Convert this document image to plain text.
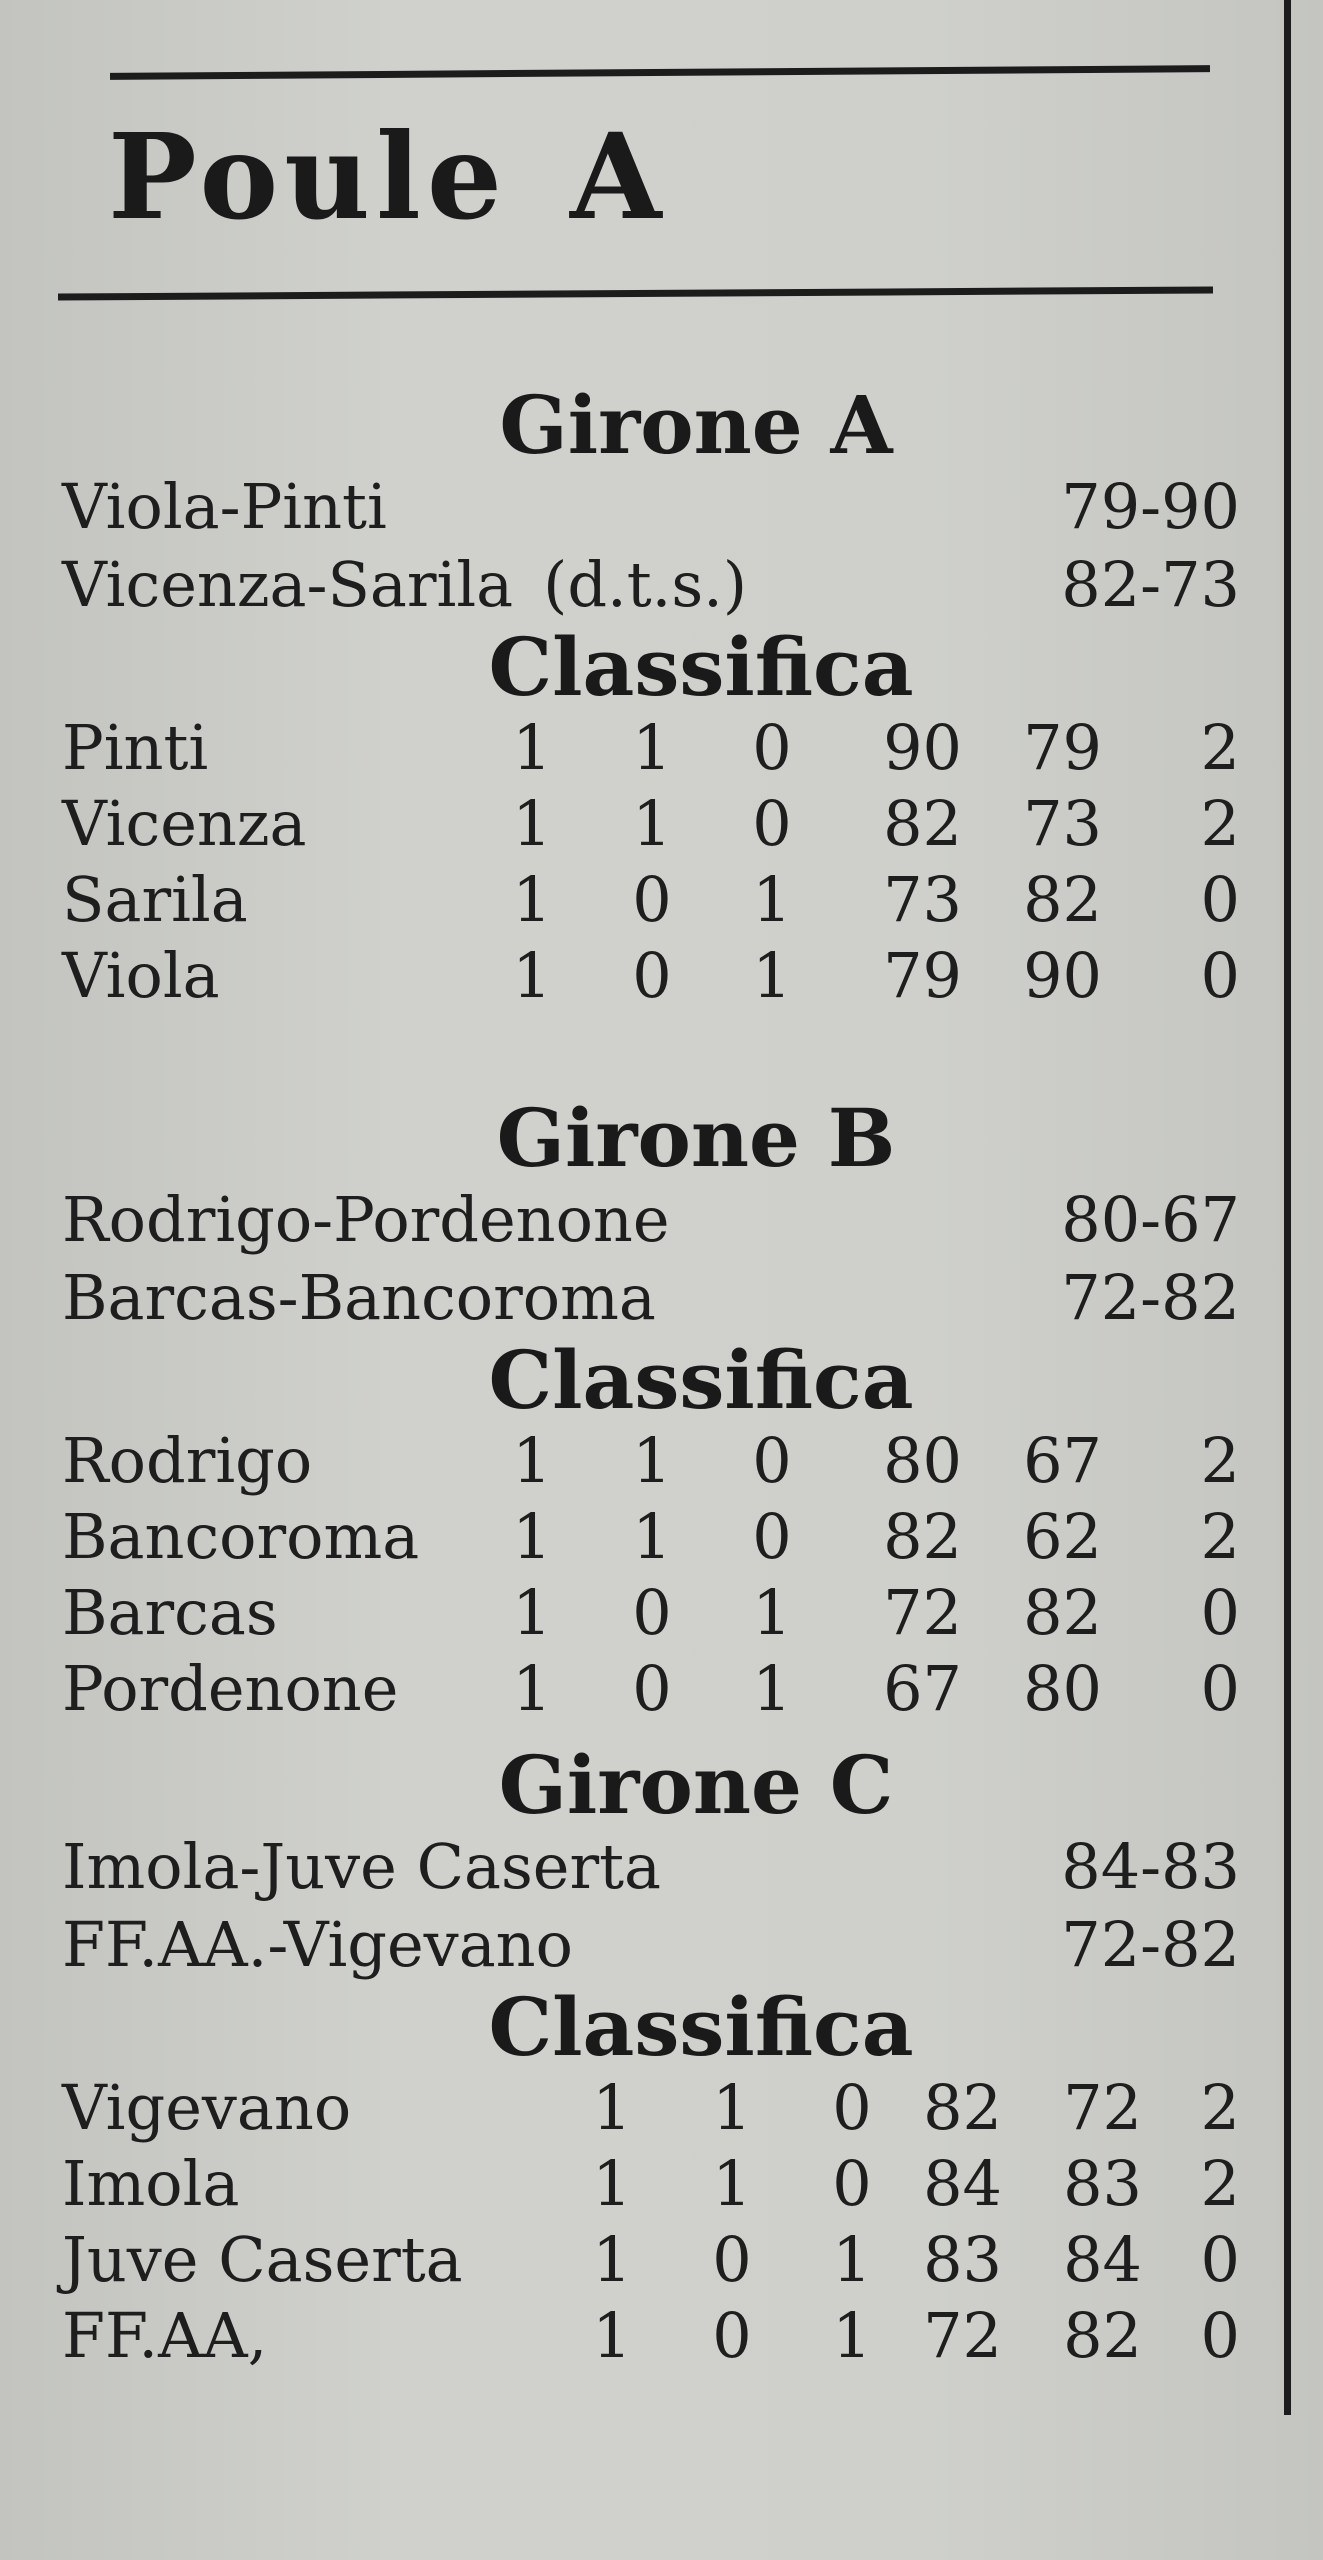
Poule A
Girone A
Viola-Pinti	79-90
Vicenza-Sarila (d.t.s.)	82-73
Classifica
Pinti	1 1 0	90 79	2
Vicenza	1 1 0	82 73	2
Sarila	1 0 1	73 82	0
Viola	1 0 1	79 90	0
Girone B
Rodrigo-Pordenone	80-67
Barcas-Bancoroma	72-82
Classifica
Rodrigo	1 1 0	80 67	2
Bancoroma 1 1 0	82 62	2
Barcas	1 0 1	72 82	0
Pordenone 1 0 1	67 80	0
Girone C
Imola-Juve Caserta	84-83
FF.AA.-Vigevano	72-82
Classifica
Vigevano	1 1 0 82 72 2
Imola	1 1 0 84 83 2
Juve Caserta 1 0 1 83 84 0
FF.AA,	1 0 1 72 82 0
